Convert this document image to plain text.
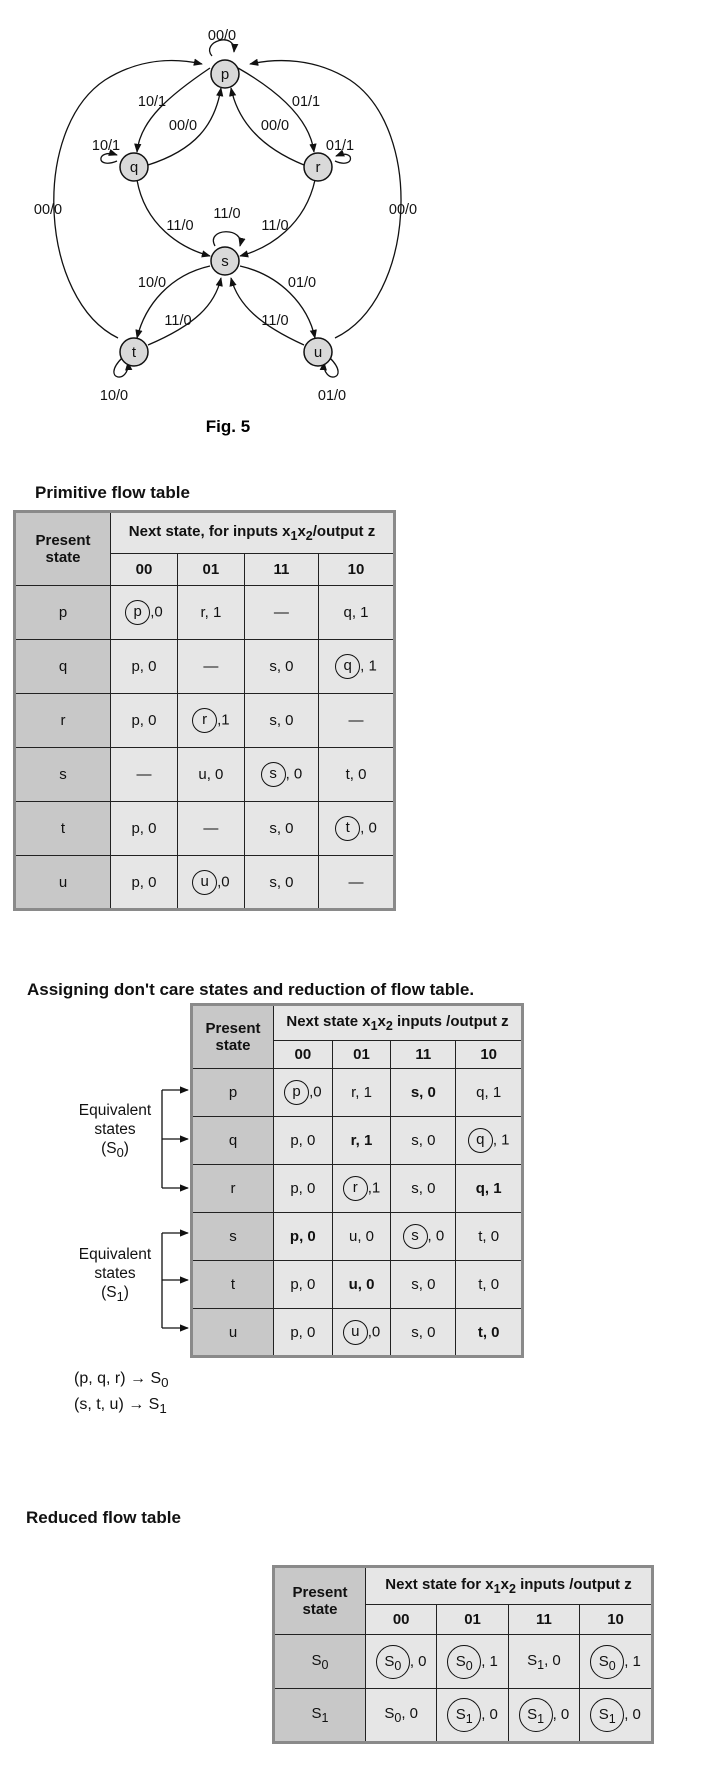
p
q	r
s
t	u
00/0
10/1
00/0	00/0
01/1
10/1	01/1
00/0	00/0
11/0
11/0	11/0
10/0	01/0
11/0	11/0
10/0	01/0
Fig. 5
Primitive flow table
Present
state	Next state, for inputs $x_1x_2$/output z			
	00	01	11	10
p	p ,0	r, 1	—	q, 1
q	p, 0	—	s, 0	q , 1
r	p, 0	r ,1	s, 0	—
s	—	u, 0	s , 0	t, 0
t	p, 0	—	s, 0	t , 0
u	p, 0	u ,0	s, 0	—
Assigning don't care states and reduction of flow table.
Present
state	Next state $x_1x_2$ inputs /output z			
	00	01	11	10
p	p ,0	r, 1	s, 0	q, 1
q	p, 0	r, 1	s, 0	q , 1
r	p, 0	r ,1	s, 0	q, 1
s	p, 0	u, 0	s , 0	t, 0
t	p, 0	u, 0	s, 0	t, 0
u	p, 0	u ,0	s, 0	t, 0
Equivalent
states
$(S_0)$
Equivalent
states
$(S_1)$
(p, q, $r) \to S_0$
(s, t, $u) \to S_1$
Reduced flow table
Present
state	Next state for $x_1x_2$ inputs /output z			
	00	01	11	10
$S_0$	$S_0$ , 0	$S_0$ , 1	$S_1$, 0	$S_0$ , 1
$S_1$	$S_0$, 0	$S_1$ , 0	$S_1$ , 0	$S_1$ , 0
